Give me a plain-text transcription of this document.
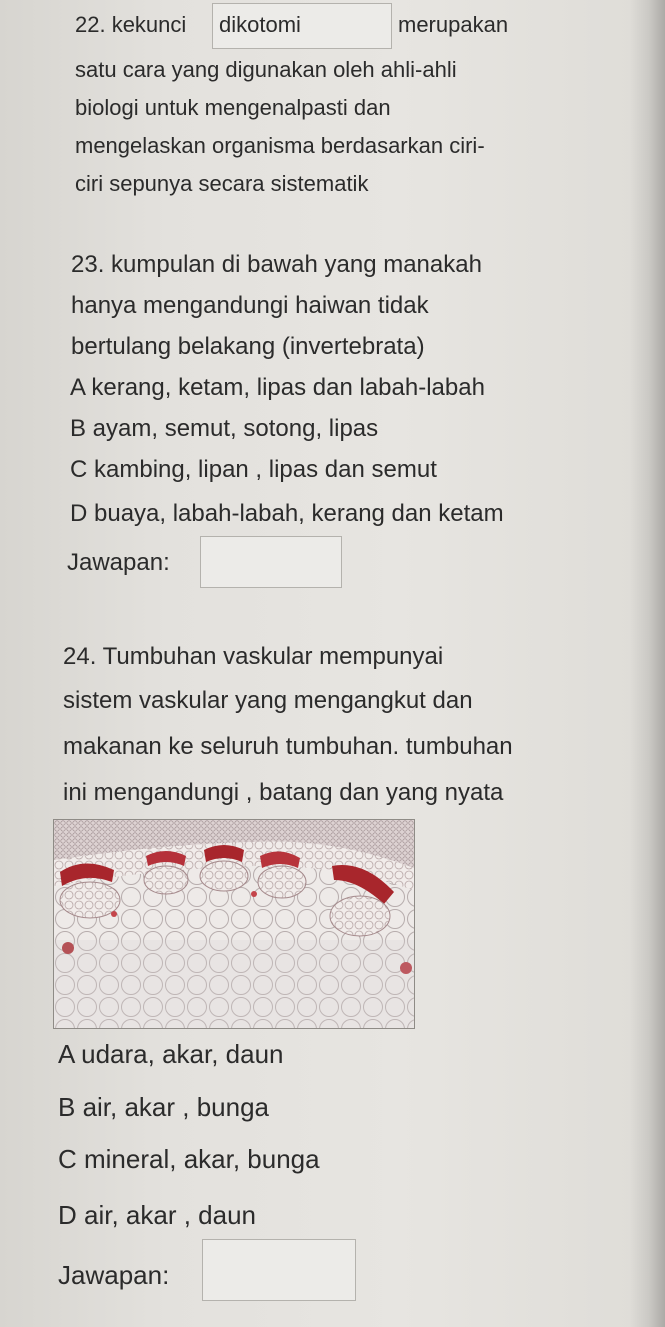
22. kekunci dikotomi	merupakan
satu cara yang digunakan oleh ahli-ahli
biologi untuk mengenalpasti dan
mengelaskan organisma berdasarkan ciri-
ciri sepunya secara sistematik
23. kumpulan di bawah yang manakah
hanya mengandungi haiwan tidak
bertulang belakang (invertebrata)
A kerang, ketam, lipas dan labah-labah
B ayam, semut, sotong, lipas
C kambing, lipan , lipas dan semut
D buaya, labah-labah, kerang dan ketam
Jawapan:
24. Tumbuhan vaskular mempunyai
sistem vaskular yang mengangkut dan
makanan ke seluruh tumbuhan. tumbuhan
ini mengandungi , batang dan yang nyata
A udara, akar, daun
B air, akar , bunga
C mineral, akar, bunga
D air, akar , daun
Jawapan:
